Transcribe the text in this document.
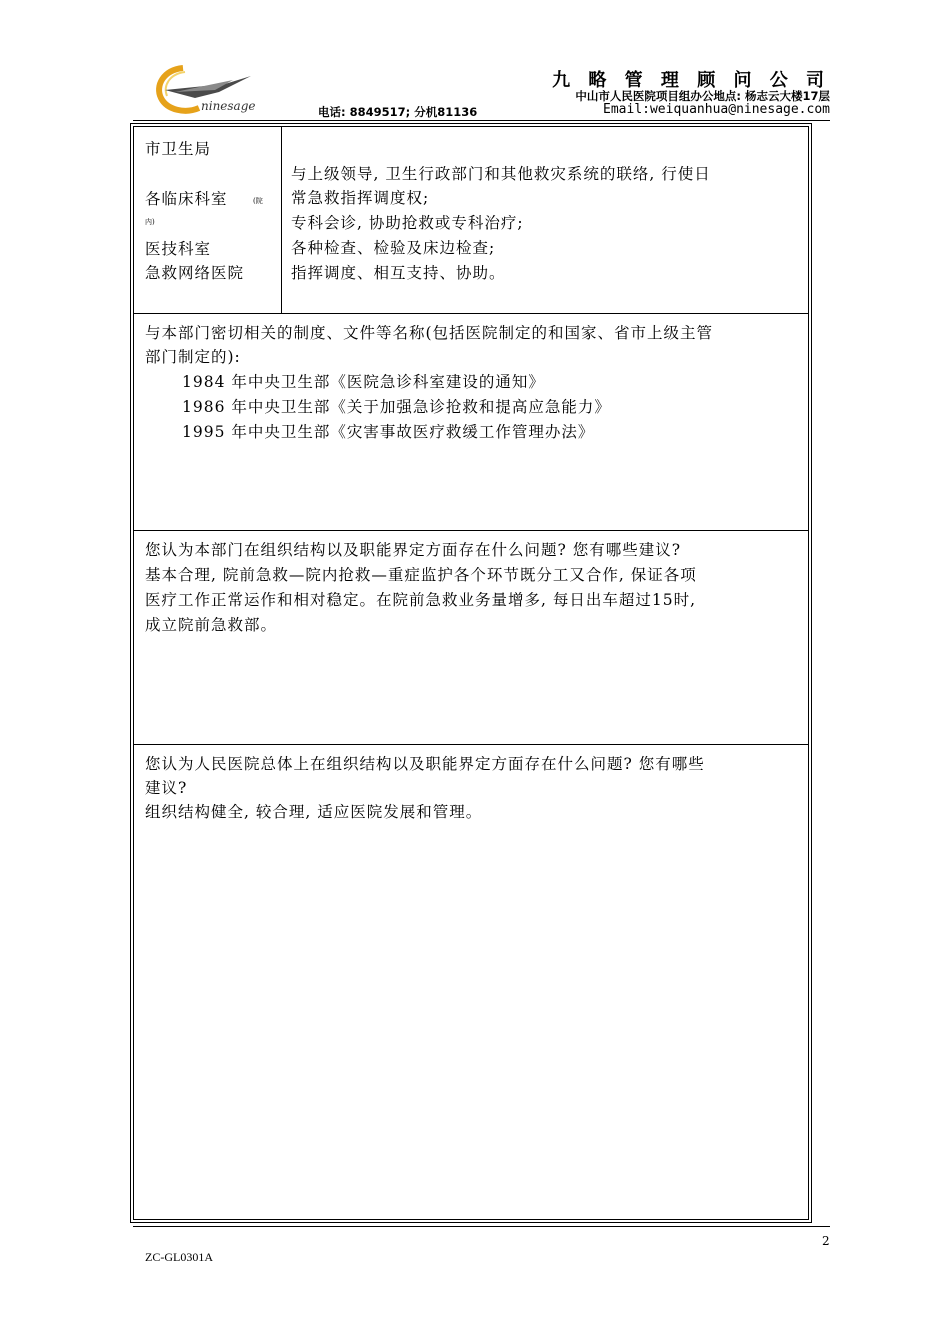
ninesage
九 略 管 理 顾 问 公 司
中山市人民医院项目组办公地点: 杨志云大楼17层
电话: 8849517; 分机81136	Email:weiquanhua@ninesage.com
市卫生局
各临床科室	(院
内)
医技科室
急救网络医院
与上级领导, 卫生行政部门和其他救灾系统的联络, 行使日
常急救指挥调度权;
专科会诊, 协助抢救或专科治疗;
各种检查、检验及床边检查;
指挥调度、相互支持、协助。
与本部门密切相关的制度、文件等名称(包括医院制定的和国家、省市上级主管
部门制定的):
1984 年中央卫生部《医院急诊科室建设的通知》
1986 年中央卫生部《关于加强急诊抢救和提高应急能力》
1995 年中央卫生部《灾害事故医疗救缓工作管理办法》
您认为本部门在组织结构以及职能界定方面存在什么问题? 您有哪些建议?
基本合理, 院前急救—院内抢救—重症监护各个环节既分工又合作, 保证各项
医疗工作正常运作和相对稳定。在院前急救业务量增多, 每日出车超过15时,
成立院前急救部。
您认为人民医院总体上在组织结构以及职能界定方面存在什么问题? 您有哪些
建议?
组织结构健全, 较合理, 适应医院发展和管理。
2
ZC-GL0301A
